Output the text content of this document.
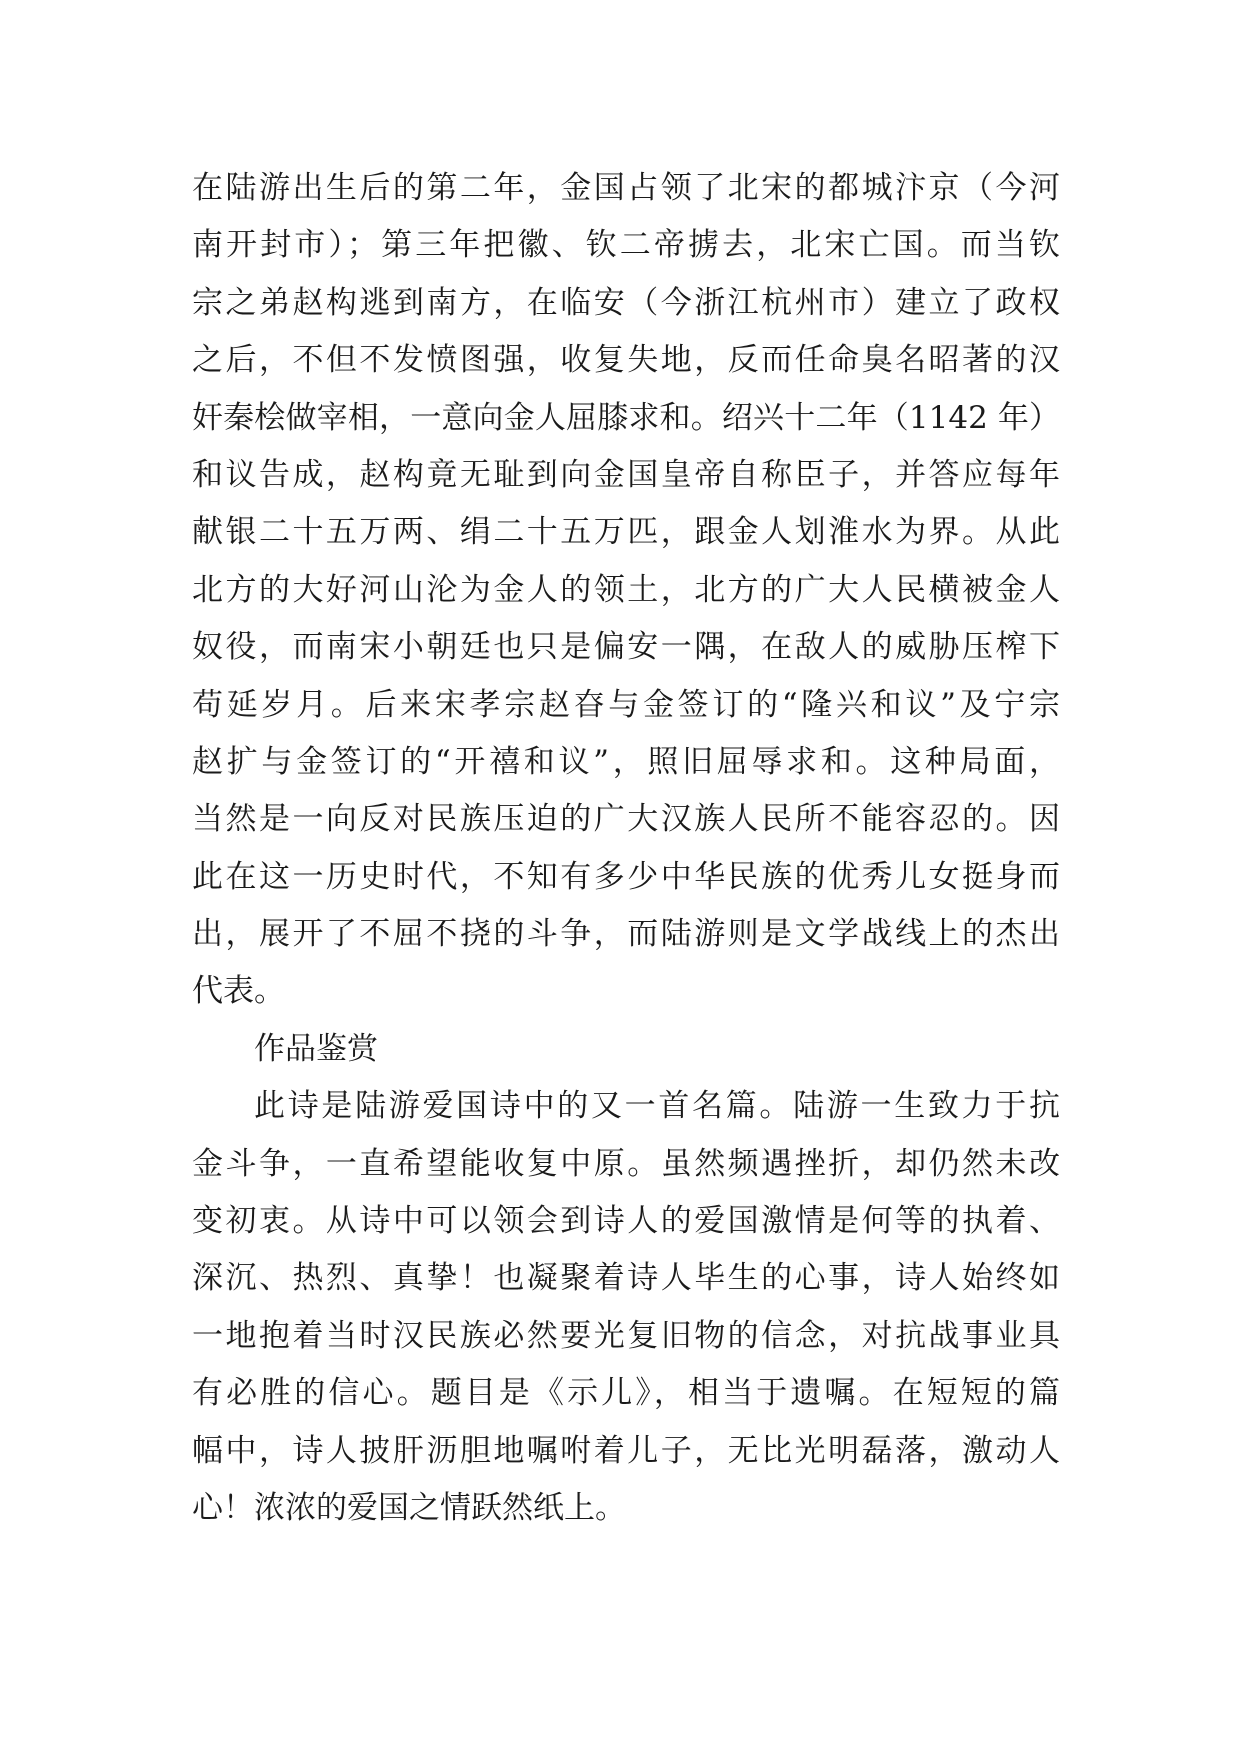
在陆游出生后的第二年，金国占领了北宋的都城汴京（今河
南开封市）；第三年把徽、钦二帝掳去，北宋亡国。而当钦
宗之弟赵构逃到南方，在临安（今浙江杭州市）建立了政权
之后，不但不发愤图强，收复失地，反而任命臭名昭著的汉
奸秦桧做宰相，一意向金人屈膝求和。绍兴十二年（1142 年）
和议告成，赵构竟无耻到向金国皇帝自称臣子，并答应每年
献银二十五万两、绢二十五万匹，跟金人划淮水为界。从此
北方的大好河山沦为金人的领土，北方的广大人民横被金人
奴役，而南宋小朝廷也只是偏安一隅，在敌人的威胁压榨下
苟延岁月。后来宋孝宗赵昚与金签订的“隆兴和议”及宁宗
赵扩与金签订的“开禧和议”，照旧屈辱求和。这种局面，
当然是一向反对民族压迫的广大汉族人民所不能容忍的。因
此在这一历史时代，不知有多少中华民族的优秀儿女挺身而
出，展开了不屈不挠的斗争，而陆游则是文学战线上的杰出
代表。
作品鉴赏
此诗是陆游爱国诗中的又一首名篇。陆游一生致力于抗
金斗争，一直希望能收复中原。虽然频遇挫折，却仍然未改
变初衷。从诗中可以领会到诗人的爱国激情是何等的执着、
深沉、热烈、真挚！也凝聚着诗人毕生的心事，诗人始终如
一地抱着当时汉民族必然要光复旧物的信念，对抗战事业具
有必胜的信心。题目是《示儿》，相当于遗嘱。在短短的篇
幅中，诗人披肝沥胆地嘱咐着儿子，无比光明磊落，激动人
心！浓浓的爱国之情跃然纸上。
